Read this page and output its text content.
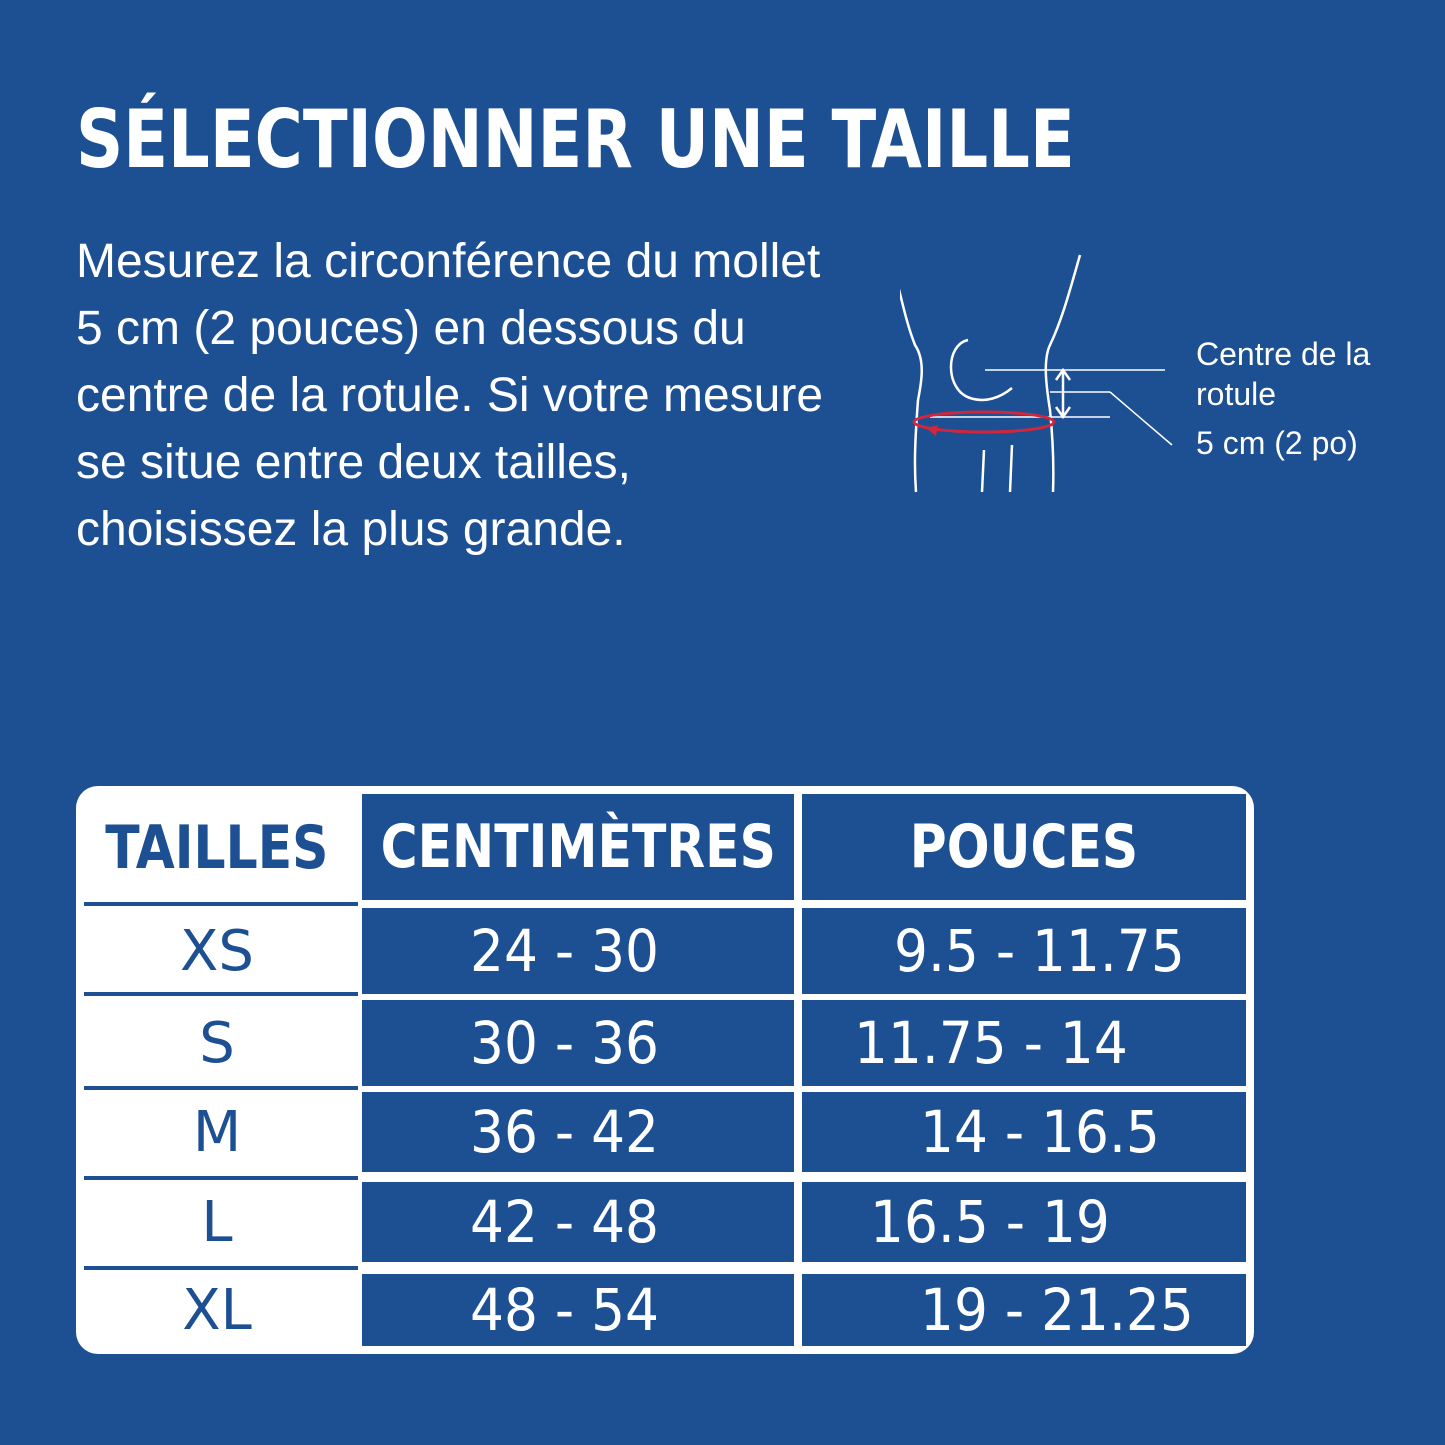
SÉLECTIONNER UNE TAILLE

Mesurez la circonférence du mollet 5 cm (2 pouces) en dessous du centre de la rotule. Si votre mesure se situe entre deux tailles, choisissez la plus grande.

Centre de la
rotule
5 cm (2 po)
TAILLES CENTIMÈTRES POUCES
XS	24 - 30	9.5 - 11.75
S	30 - 36	11.75 - 14
M	36 - 42	14 - 16.5
L	42 - 48	16.5 - 19
XL	48 - 54	19 - 21.25
